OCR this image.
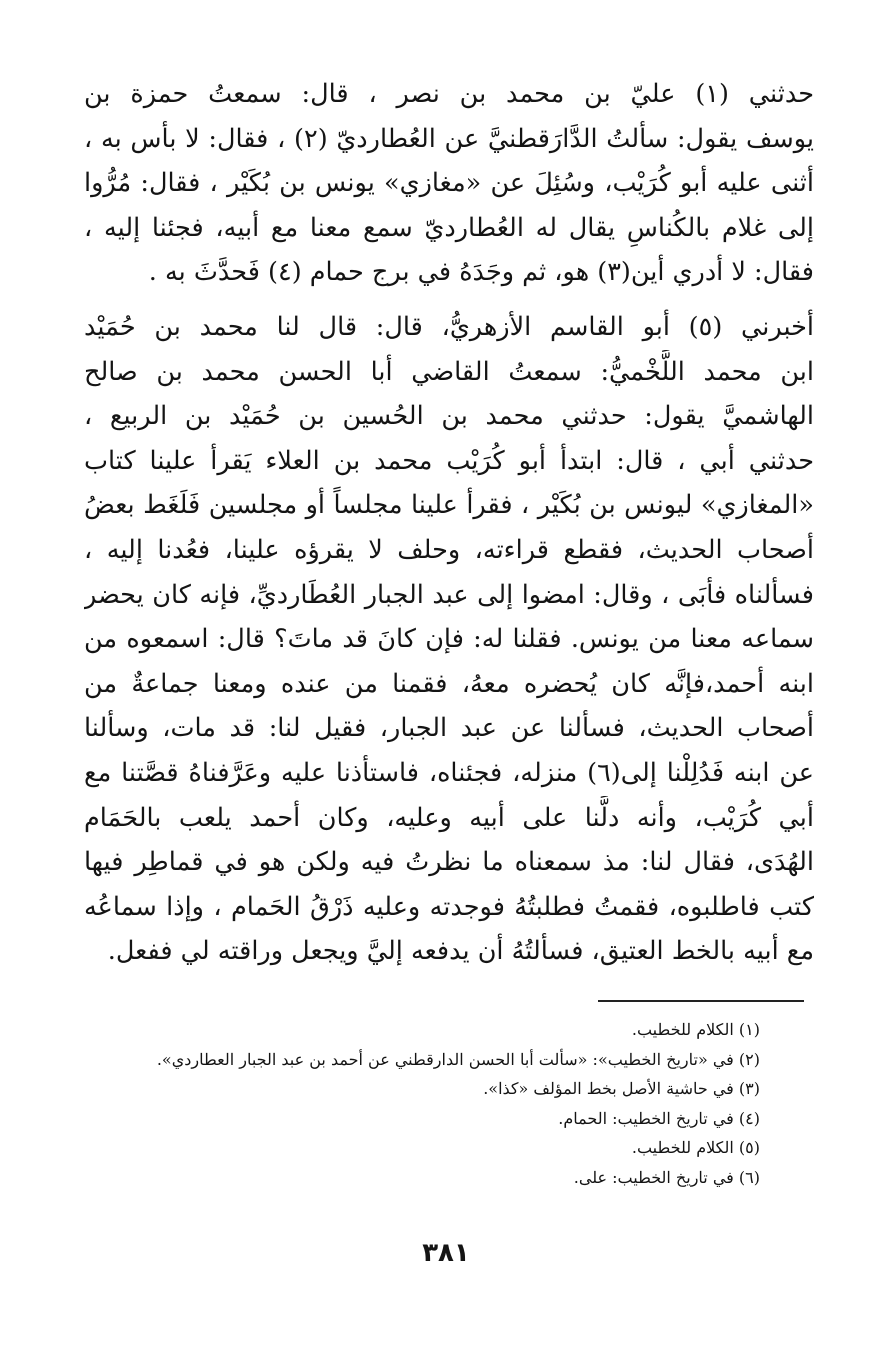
حدثني (١) عليّ بن محمد بن نصر ، قال: سمعتُ حمزة بن
يوسف يقول: سألتُ الدَّارَقطنيَّ عن العُطارديّ (٢) ، فقال: لا بأس به ،
أثنى عليه أبو كُرَيْب، وسُئِلَ عن «مغازي» يونس بن بُكَيْر ، فقال: مُرُّوا
إلى غلام بالكُناسِ يقال له العُطارديّ سمع معنا مع أبيه، فجئنا إليه ،
فقال: لا أدري أين(٣) هو، ثم وجَدَهُ في برج حمام (٤) فَحدَّثَ به .
أخبرني (٥) أبو القاسم الأزهريُّ، قال: قال لنا محمد بن حُمَيْد
ابن محمد اللَّخْميُّ: سمعتُ القاضي أبا الحسن محمد بن صالح
الهاشميَّ يقول: حدثني محمد بن الحُسين بن حُمَيْد بن الربيع ،
حدثني أبي ، قال: ابتدأ أبو كُرَيْب محمد بن العلاء يَقرأ علينا كتاب
«المغازي» ليونس بن بُكَيْر ، فقرأ علينا مجلساً أو مجلسين فَلَغَط بعضُ
أصحاب الحديث، فقطع قراءته، وحلف لا يقرؤه علينا، فعُدنا إليه ،
فسألناه فأبَى ، وقال: امضوا إلى عبد الجبار العُطَارديِّ، فإنه كان يحضر
سماعه معنا من يونس. فقلنا له: فإن كانَ قد ماتَ؟ قال: اسمعوه من
ابنه أحمد،فإنَّه كان يُحضره معهُ، فقمنا من عنده ومعنا جماعةٌ من
أصحاب الحديث، فسألنا عن عبد الجبار، فقيل لنا: قد مات، وسألنا
عن ابنه فَدُلِلْنا إلى(٦) منزله، فجئناه، فاستأذنا عليه وعَرَّفناهُ قصَّتنا مع
أبي كُرَيْب، وأنه دلَّنا على أبيه وعليه، وكان أحمد يلعب بالحَمَام
الهُدَى، فقال لنا: مذ سمعناه ما نظرتُ فيه ولكن هو في قماطِر فيها
كتب فاطلبوه، فقمتُ فطلبتُهُ فوجدته وعليه ذَرْقُ الحَمام ، وإذا سماعُه
مع أبيه بالخط العتيق، فسألتُهُ أن يدفعه إليَّ ويجعل وراقته لي ففعل.
(١) الكلام للخطيب.
(٢) في «تاريخ الخطيب»: «سألت أبا الحسن الدارقطني عن أحمد بن عبد الجبار العطاردي».
(٣) في حاشية الأصل بخط المؤلف «كذا».
(٤) في تاريخ الخطيب: الحمام.
(٥) الكلام للخطيب.
(٦) في تاريخ الخطيب: على.
٣٨١
